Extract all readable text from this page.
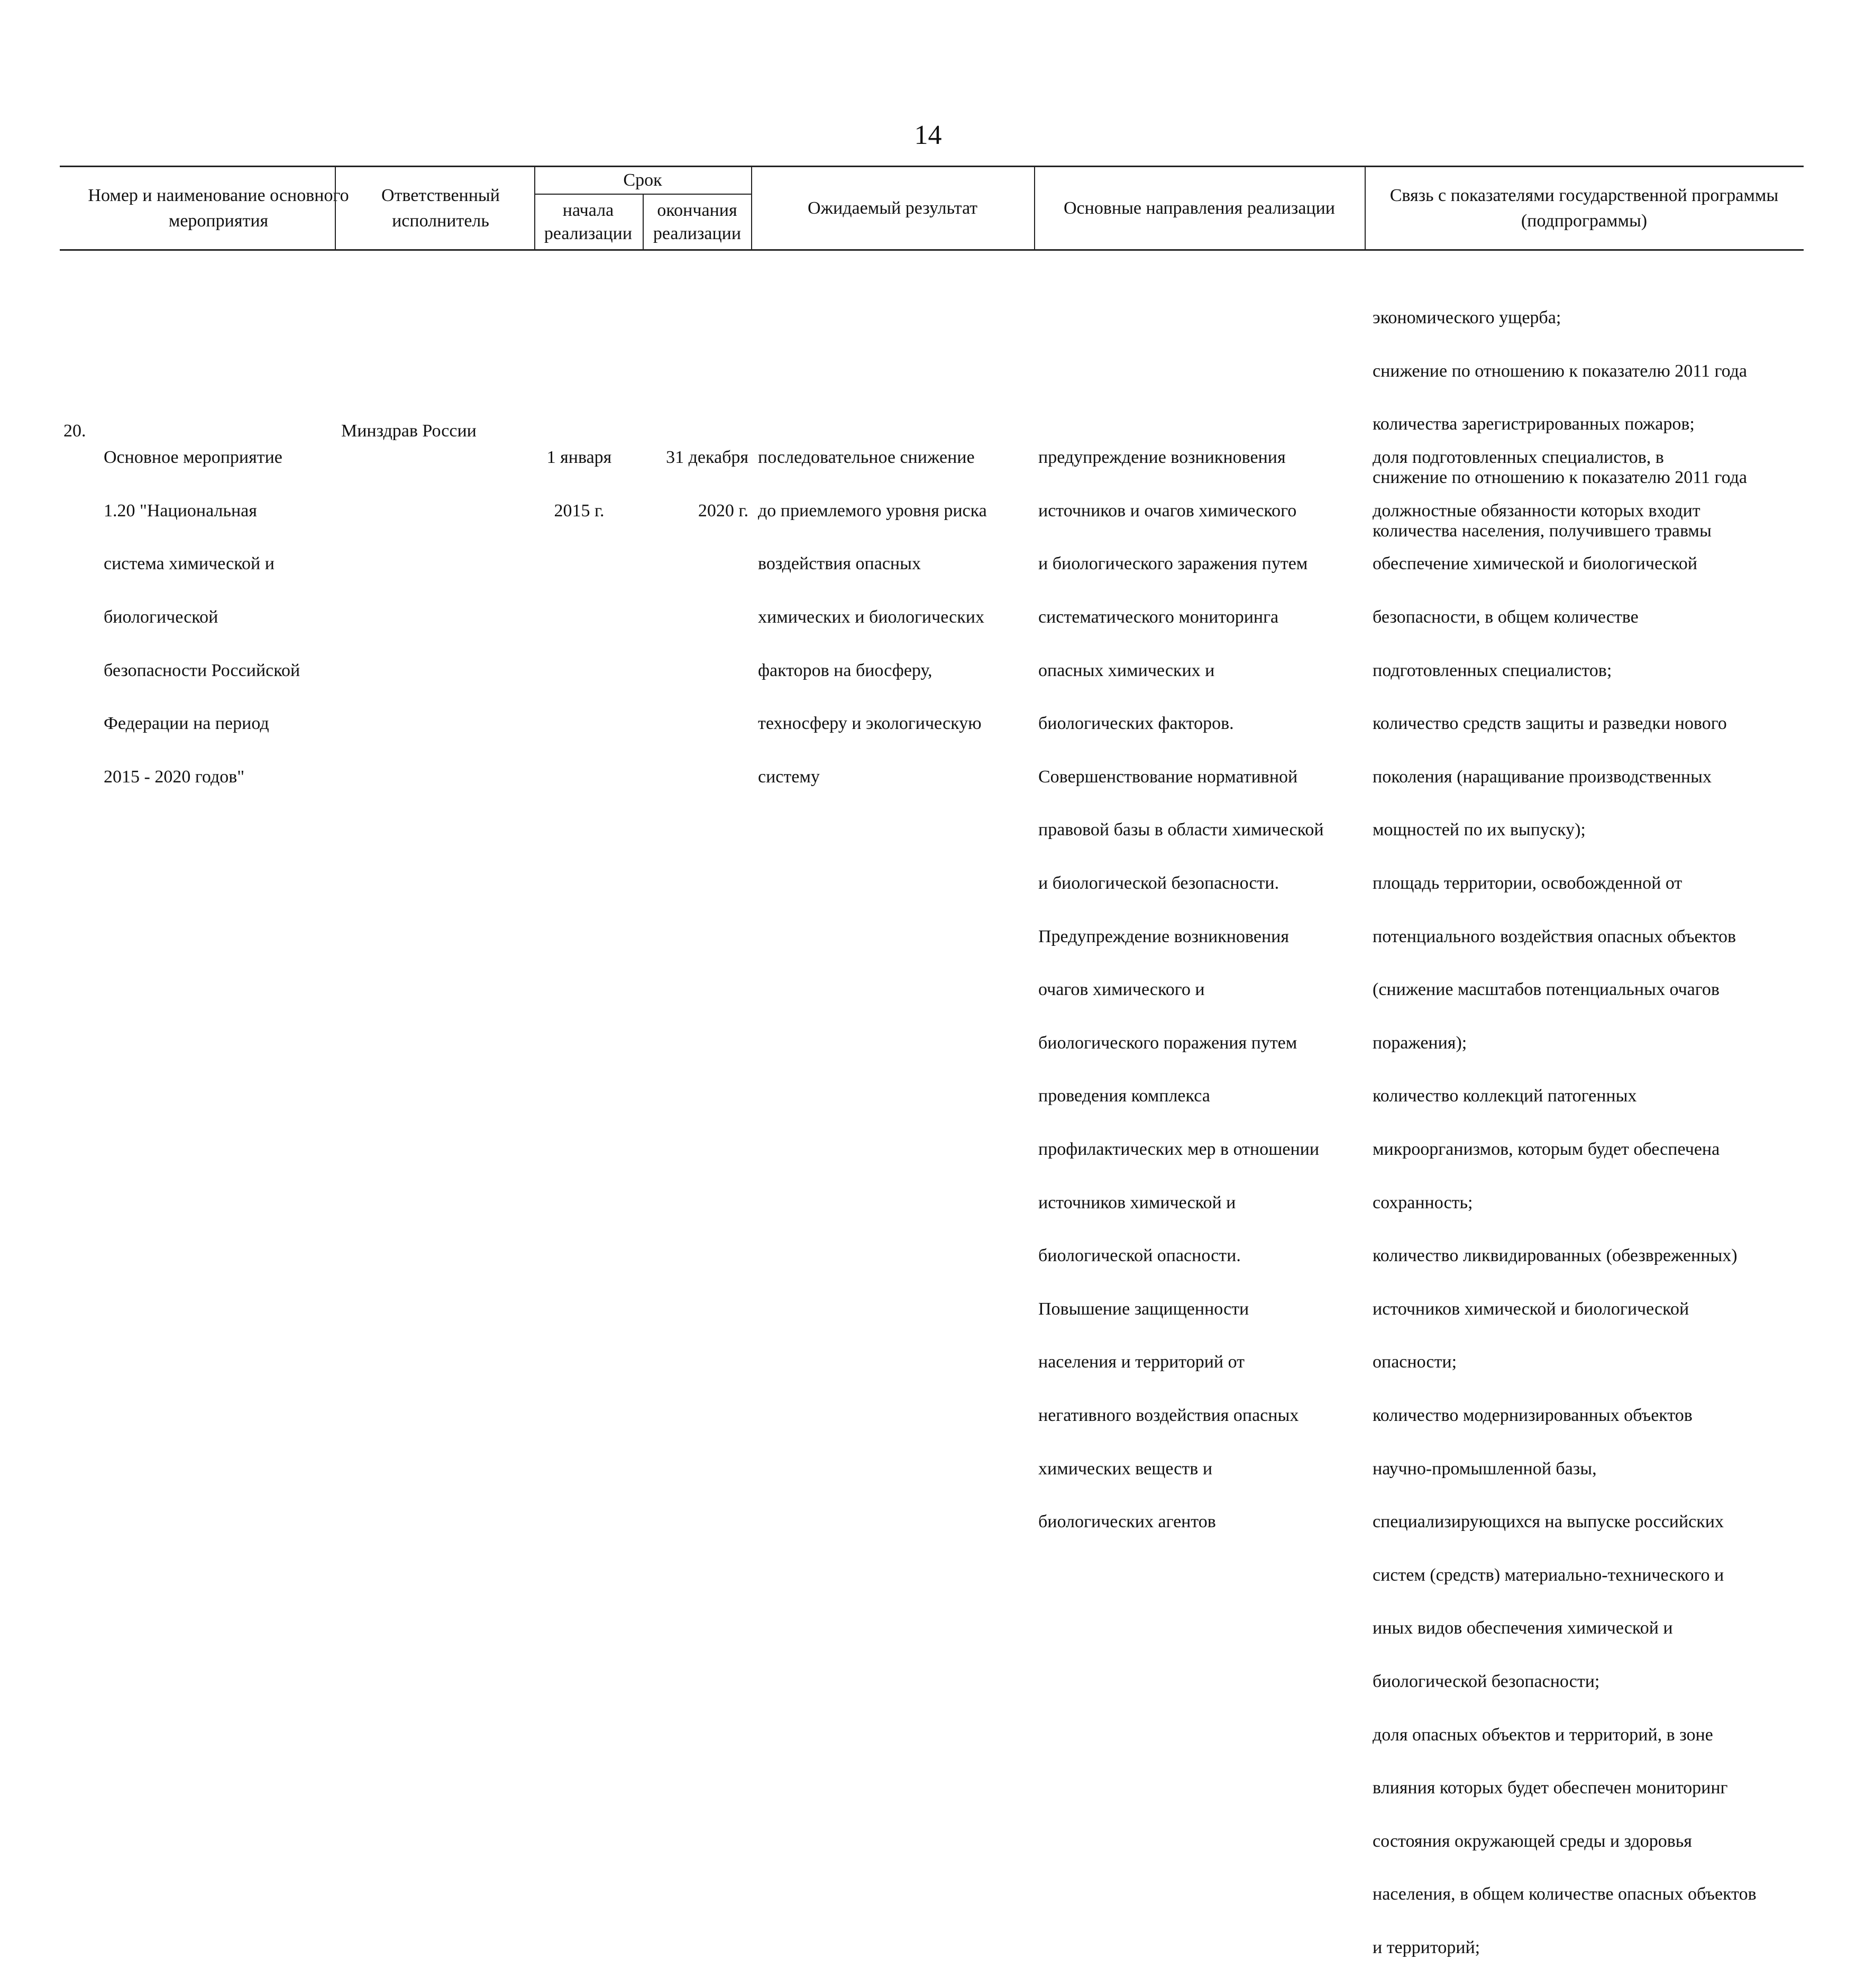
14
Номер и наименование основного мероприятия
Ответственный исполнитель
Срок
начала реализации
окончания реализации
Ожидаемый результат	Основные направления реализации
Связь с показателями государственной программы (подпрограммы)

экономического ущерба;

снижение по отношению к показателю 2011 года

количества зарегистрированных пожаров;

снижение по отношению к показателю 2011 года

количества населения, получившего травмы

20.

Основное мероприятие

1.20 "Национальная

система химической и

биологической

безопасности Российской

Федерации на период

2015 - 2020 годов"

Минздрав России

1 января

2015 г.

31 декабря

2020 г.

последовательное снижение

до приемлемого уровня риска

воздействия опасных

химических и биологических

факторов на биосферу,

техносферу и экологическую

систему

предупреждение возникновения

источников и очагов химического

и биологического заражения путем

систематического мониторинга

опасных химических и

биологических факторов.

Совершенствование нормативной

правовой базы в области химической

и биологической безопасности.

Предупреждение возникновения

очагов химического и

биологического поражения путем

проведения комплекса

профилактических мер в отношении

источников химической и

биологической опасности.

Повышение защищенности

населения и территорий от

негативного воздействия опасных

химических веществ и

биологических агентов

доля подготовленных специалистов, в

должностные обязанности которых входит

обеспечение химической и биологической

безопасности, в общем количестве

подготовленных специалистов;

количество средств защиты и разведки нового

поколения (наращивание производственных

мощностей по их выпуску);

площадь территории, освобожденной от

потенциального воздействия опасных объектов

(снижение масштабов потенциальных очагов

поражения);

количество коллекций патогенных

микроорганизмов, которым будет обеспечена

сохранность;

количество ликвидированных (обезвреженных)

источников химической и биологической

опасности;

количество модернизированных объектов

научно-промышленной базы,

специализирующихся на выпуске российских

систем (средств) материально-технического и

иных видов обеспечения химической и

биологической безопасности;

доля опасных объектов и территорий, в зоне

влияния которых будет обеспечен мониторинг

состояния окружающей среды и здоровья

населения, в общем количестве опасных объектов

и территорий;
